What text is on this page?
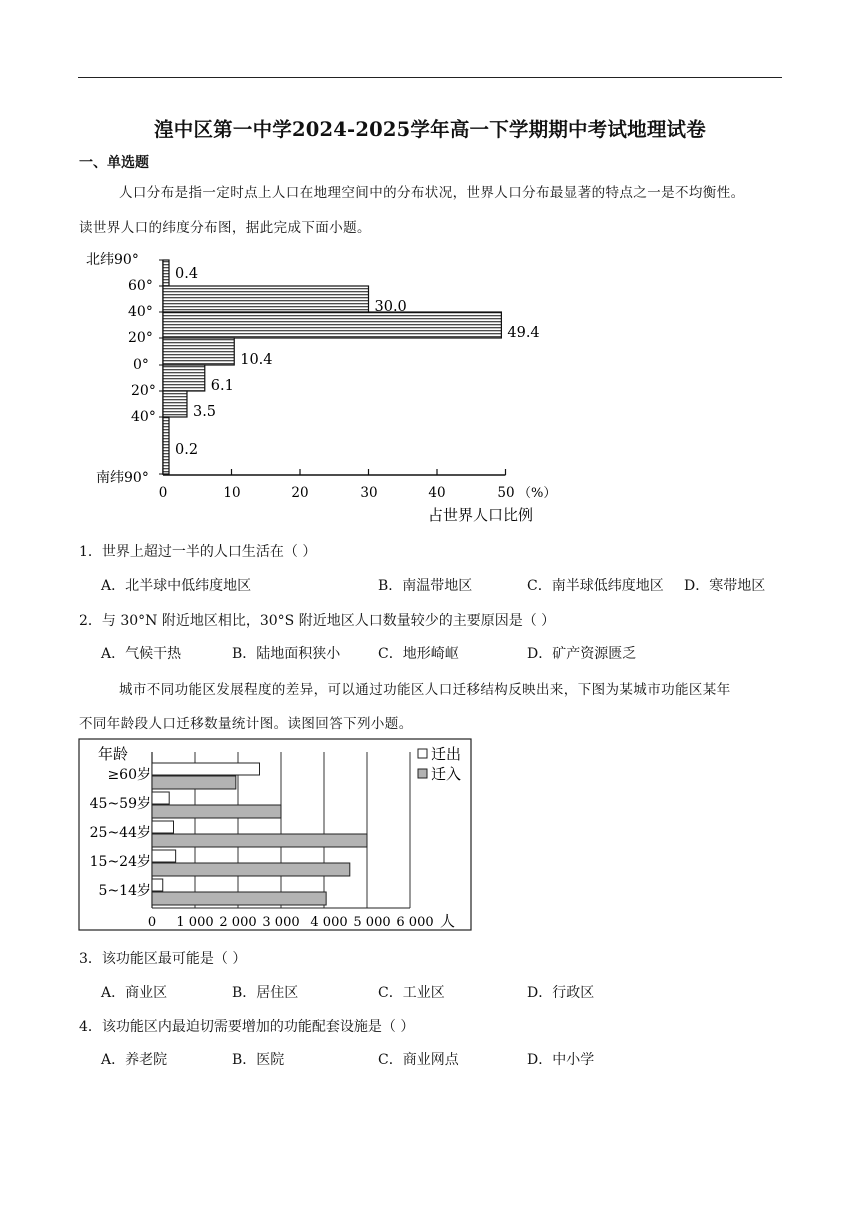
湟中区第一中学2024-2025学年高一下学期期中考试地理试卷
一、单选题
人口分布是指一定时点上人口在地理空间中的分布状况，世界人口分布最显著的特点之一是不均衡性。
读世界人口的纬度分布图，据此完成下面小题。
0.4
30.0
49.4
10.4
6.1
3.5
0.2
北纬90°
60°
40°
20°
0°
20°
40°
南纬90°
0	10	20	30	40	50 （%）
占世界人口比例
1．世界上超过一半的人口生活在（ ）
A．北半球中低纬度地区	B．南温带地区	C．南半球低纬度地区 D．寒带地区
2．与 30°N 附近地区相比，30°S 附近地区人口数量较少的主要原因是（ ）
A．气候干热	B．陆地面积狭小	C．地形崎岖	D．矿产资源匮乏
城市不同功能区发展程度的差异，可以通过功能区人口迁移结构反映出来，下图为某城市功能区某年
不同年龄段人口迁移数量统计图。读图回答下列小题。
年龄
≥60岁
45~59岁
25~44岁
15~24岁
5~14岁
迁出
迁入
0 1 000 2 000 3 000 4 000 5 000 6 000 人
3．该功能区最可能是（ ）
A．商业区	B．居住区	C．工业区	D．行政区
4．该功能区内最迫切需要增加的功能配套设施是（ ）
A．养老院	B．医院	C．商业网点	D．中小学
